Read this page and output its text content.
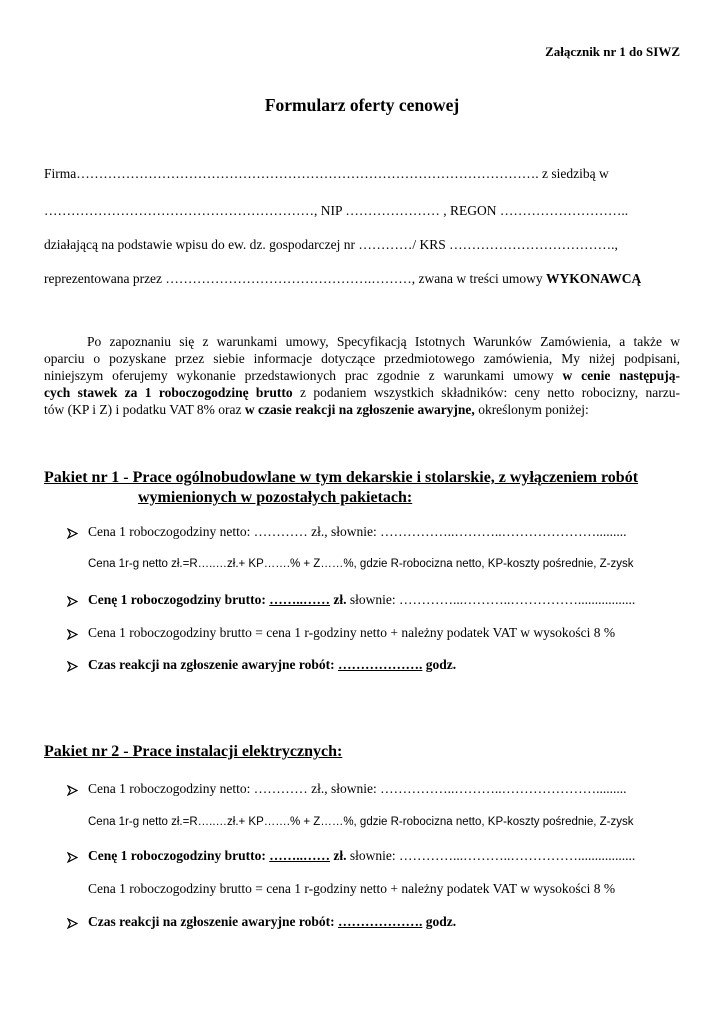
Załącznik nr 1 do SIWZ
Formularz oferty cenowej
Firma…………………………………………………………………………………………. z siedzibą w
……………………………………………………, NIP ………………… , REGON ………………………..
działającą na podstawie wpisu do ew. dz. gospodarczej nr …………/ KRS ……………………………….,
reprezentowana przez ……………………………………….………, zwana w treści umowy WYKONAWCĄ
Po zapoznaniu się z warunkami umowy, Specyfikacją Istotnych Warunków Zamówienia, a także w
oparciu o pozyskane przez siebie informacje dotyczące przedmiotowego zamówienia, My niżej podpisani,
niniejszym oferujemy wykonanie przedstawionych prac zgodnie z warunkami umowy w cenie następują-
cych stawek za 1 roboczogodzinę brutto z podaniem wszystkich składników: ceny netto robocizny, narzu-
tów (KP i Z) i podatku VAT 8% oraz w czasie reakcji na zgłoszenie awaryjne, określonym poniżej:
Pakiet nr 1 - Prace ogólnobudowlane w tym dekarskie i stolarskie, z wyłączeniem robót
wymienionych w pozostałych pakietach:
Cena 1 roboczogodziny netto: ………… zł., słownie: ……………..………..………………….........
Cena 1r-g netto zł.=R…..…zł.+ KP…….% + Z……%, gdzie R-robocizna netto, KP-koszty pośrednie, Z-zysk
Cenę 1 roboczogodziny brutto: ……..…… zł. słownie: …………...………..…………….................
Cena 1 roboczogodziny brutto = cena 1 r-godziny netto + należny podatek VAT w wysokości 8 %
Czas reakcji na zgłoszenie awaryjne robót: ………………. godz.
Pakiet nr 2 - Prace instalacji elektrycznych:
Cena 1 roboczogodziny netto: ………… zł., słownie: ……………..………..………………….........
Cena 1r-g netto zł.=R…..…zł.+ KP…….% + Z……%, gdzie R-robocizna netto, KP-koszty pośrednie, Z-zysk
Cenę 1 roboczogodziny brutto: ……..…… zł. słownie: …………...………..…………….................
Cena 1 roboczogodziny brutto = cena 1 r-godziny netto + należny podatek VAT w wysokości 8 %
Czas reakcji na zgłoszenie awaryjne robót: ………………. godz.
